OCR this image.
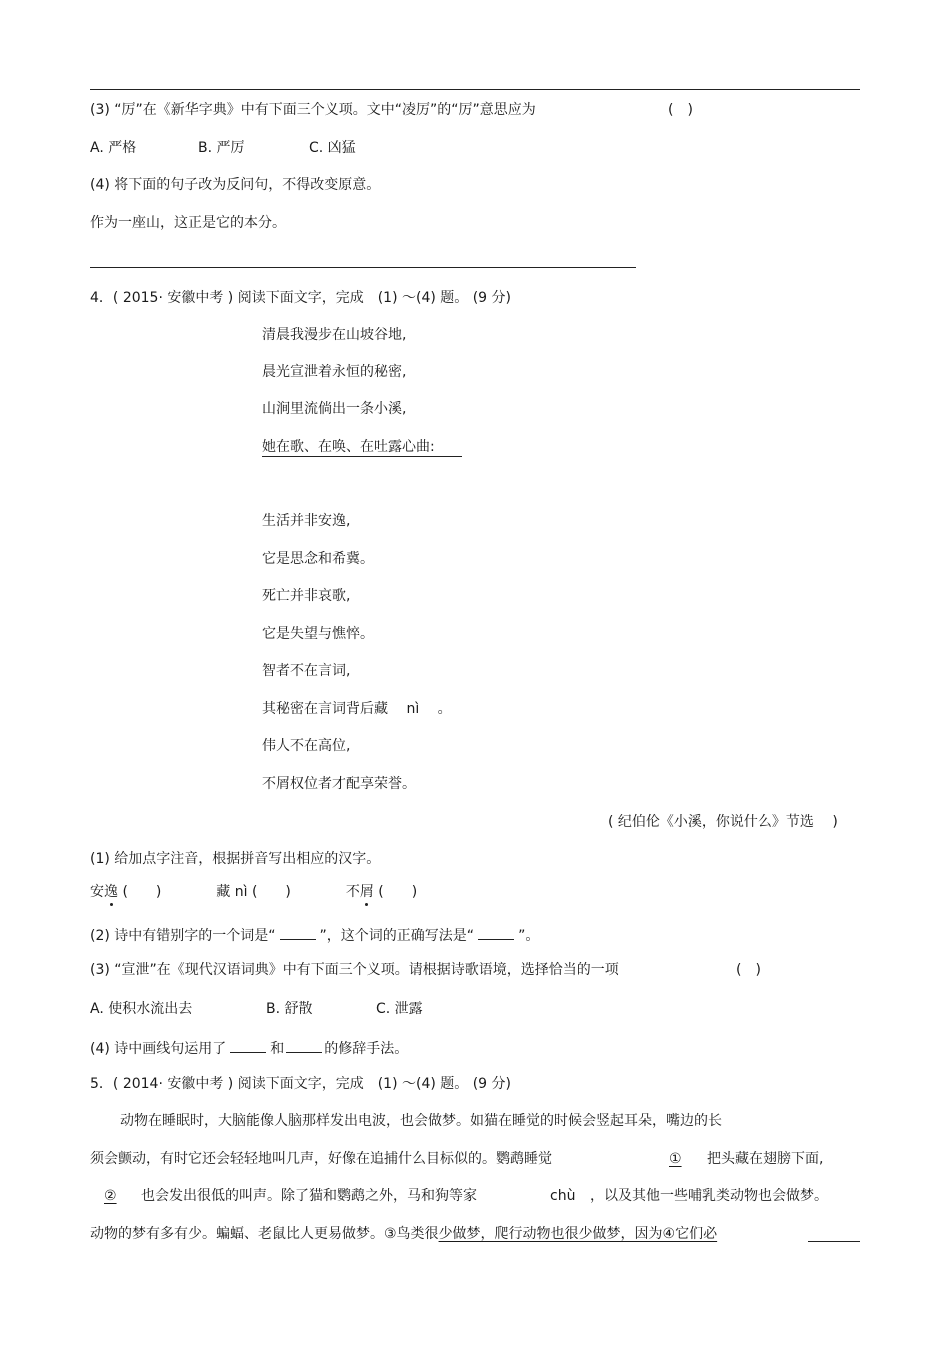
(3) “厉”在《新华字典》中有下面三个义项。文中“凌厉”的“厉”意思应为	(　)
A. 严格	B. 严厉	C. 凶猛
(4) 将下面的句子改为反问句，不得改变原意。
作为一座山，这正是它的本分。
4．( 2015· 安徽中考 ) 阅读下面文字，完成　(1) ～(4) 题。 (9 分)
清晨我漫步在山坡谷地,
晨光宣泄着永恒的秘密,
山涧里流倘出一条小溪,
她在歌、在唤、在吐露心曲:
生活并非安逸,
它是思念和希冀。
死亡并非哀歌,
它是失望与憔悴。
智者不在言词,
其秘密在言词背后藏 nì 。
伟人不在高位,
不屑权位者才配享荣誉。
( 纪伯伦《小溪，你说什么》节选　 )
(1) 给加点字注音，根据拼音写出相应的汉字。
安逸 (　　)	藏 nì (　　)	不屑 (　　)
(2) 诗中有错别字的一个词是“	”，这个词的正确写法是“	”。
(3) “宣泄”在《现代汉语词典》中有下面三个义项。请根据诗歌语境，选择恰当的一项	(　)
A. 使积水流出去	B. 舒散	C. 泄露
(4) 诗中画线句运用了	和	的修辞手法。
5．( 2014· 安徽中考 ) 阅读下面文字，完成　(1) ～(4) 题。 (9 分)
动物在睡眠时，大脑能像人脑那样发出电波，也会做梦。如猫在睡觉的时候会竖起耳朵，嘴边的长
须会颤动，有时它还会轻轻地叫几声，好像在追捕什么目标似的。鹦鹉睡觉	①	把头藏在翅膀下面,
②	也会发出很低的叫声。除了猫和鹦鹉之外，马和狗等家	chù ，以及其他一些哺乳类动物也会做梦。
动物的梦有多有少。蝙蝠、老鼠比人更易做梦。③鸟类很少做梦，爬行动物也很少做梦，因为④它们必
